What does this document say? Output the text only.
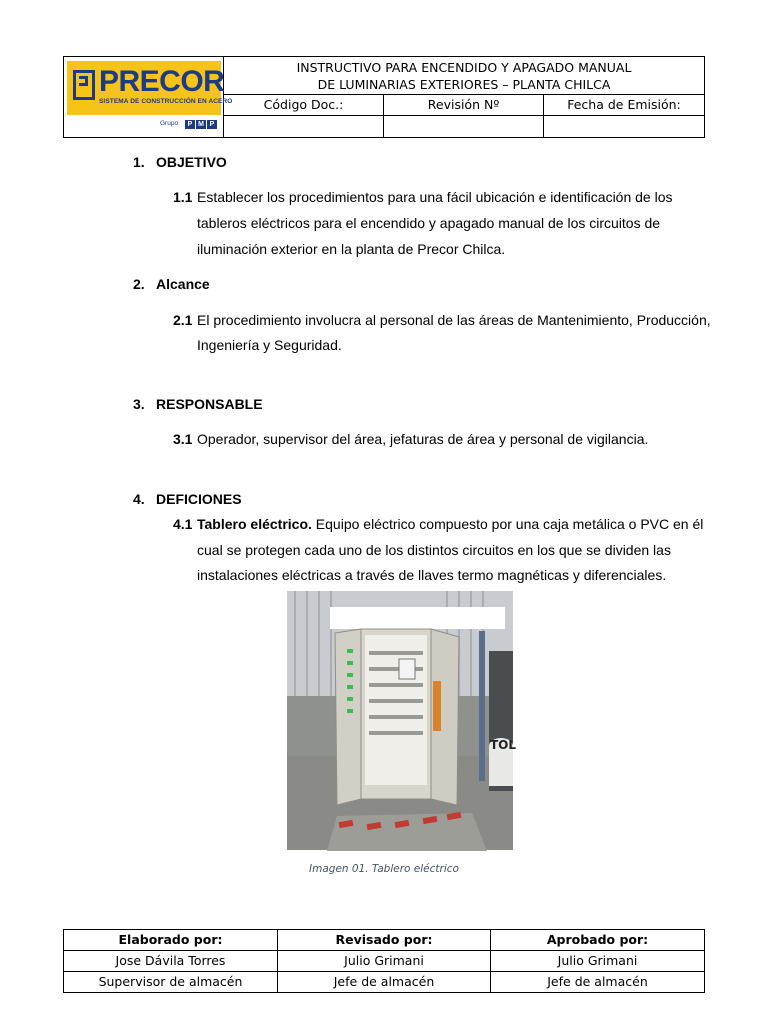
PRECOR
SISTEMA DE CONSTRUCCIÓN EN ACERO
Grupo	P M P
INSTRUCTIVO PARA ENCENDIDO Y APAGADO MANUAL
DE LUMINARIAS EXTERIORES – PLANTA CHILCA
Código Doc.:	Revisión Nº	Fecha de Emisión:
1. OBJETIVO
1.1 Establecer los procedimientos para una fácil ubicación e identificación de los
tableros eléctricos para el encendido y apagado manual de los circuitos de
iluminación exterior en la planta de Precor Chilca.
2. Alcance
2.1 El procedimiento involucra al personal de las áreas de Mantenimiento, Producción,
Ingeniería y Seguridad.
3. RESPONSABLE
3.1 Operador, supervisor del área, jefaturas de área y personal de vigilancia.
4. DEFICIONES
4.1 Tablero eléctrico. Equipo eléctrico compuesto por una caja metálica o PVC en él
cual se protegen cada uno de los distintos circuitos en los que se dividen las
instalaciones eléctricas a través de llaves termo magnéticas y diferenciales.
TOL
Imagen 01. Tablero eléctrico
Elaborado por:	Revisado por:	Aprobado por:
Jose Dávila Torres	Julio Grimani	Julio Grimani
Supervisor de almacén	Jefe de almacén	Jefe de almacén
